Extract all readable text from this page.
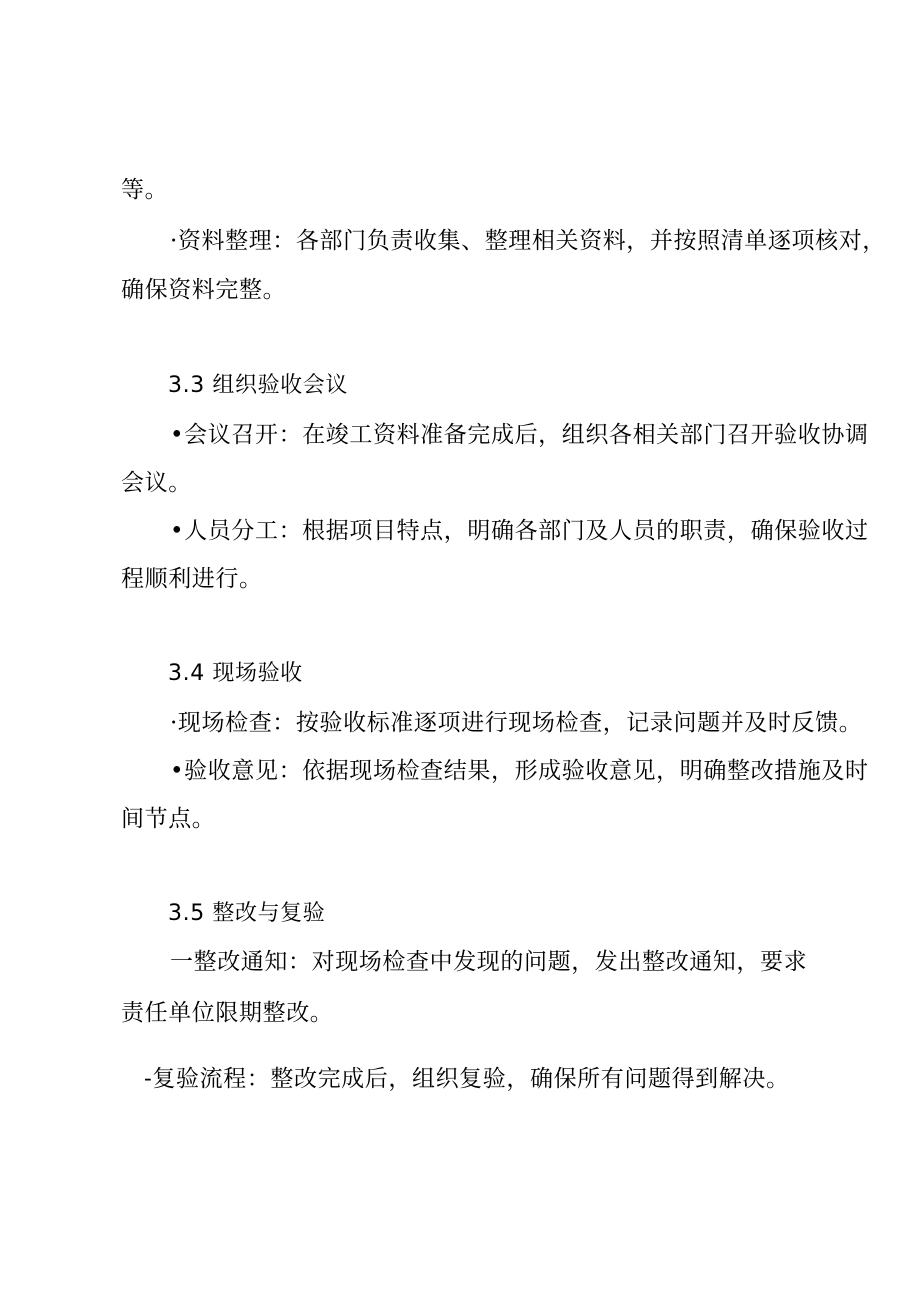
等。
·资料整理：各部门负责收集、整理相关资料，并按照清单逐项核对，
确保资料完整。
3.3 组织验收会议
•会议召开：在竣工资料准备完成后，组织各相关部门召开验收协调
会议。
•人员分工：根据项目特点，明确各部门及人员的职责，确保验收过
程顺利进行。
3.4 现场验收
·现场检查：按验收标准逐项进行现场检查，记录问题并及时反馈。
•验收意见：依据现场检查结果，形成验收意见，明确整改措施及时
间节点。
3.5 整改与复验
一整改通知：对现场检查中发现的问题，发出整改通知，要求
责任单位限期整改。
-复验流程：整改完成后，组织复验，确保所有问题得到解决。
